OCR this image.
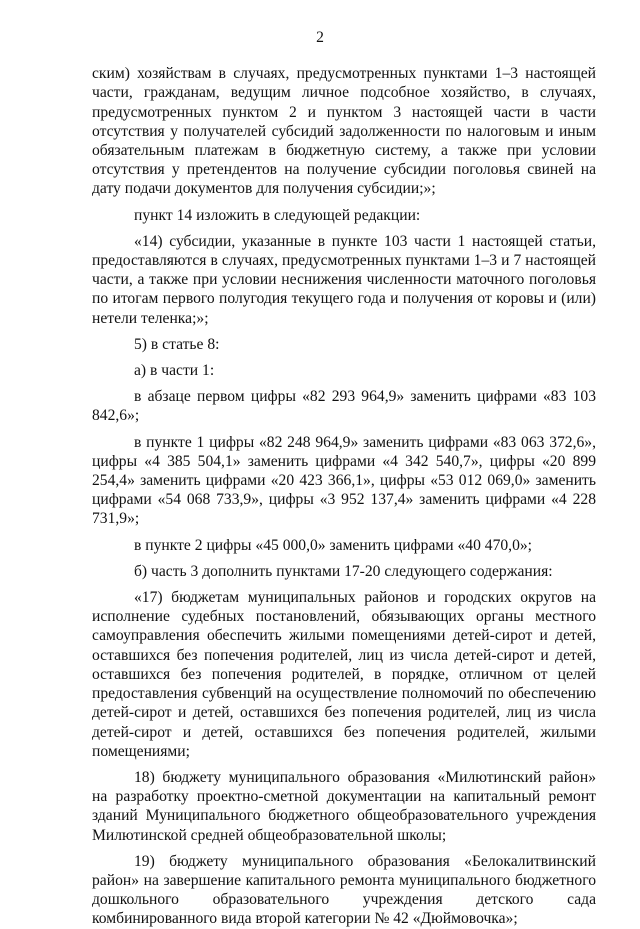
2

ским) хозяйствам в случаях, предусмотренных пунктами 1–3 настоящей части, гражданам, ведущим личное подсобное хозяйство, в случаях, предусмотренных пунктом 2 и пунктом 3 настоящей части в части отсутствия у получателей субсидий задолженности по налоговым и иным обязательным платежам в бюджетную систему, а также при условии отсутствия у претендентов на получение субсидии поголовья свиней на дату подачи документов для получения субсидии;»;

пункт 14 изложить в следующей редакции:

«14) субсидии, указанные в пункте 103 части 1 настоящей статьи, предоставляются в случаях, предусмотренных пунктами 1–3 и 7 настоящей части, а также при условии неснижения численности маточного поголовья по итогам первого полугодия текущего года и получения от коровы и (или) нетели теленка;»;

5) в статье 8:

а) в части 1:

в абзаце первом цифры «82 293 964,9» заменить цифрами «83 103 842,6»;

в пункте 1 цифры «82 248 964,9» заменить цифрами «83 063 372,6», цифры «4 385 504,1» заменить цифрами «4 342 540,7», цифры «20 899 254,4» заменить цифрами «20 423 366,1», цифры «53 012 069,0» заменить цифрами «54 068 733,9», цифры «3 952 137,4» заменить цифрами «4 228 731,9»;

в пункте 2 цифры «45 000,0» заменить цифрами «40 470,0»;

б) часть 3 дополнить пунктами 17-20 следующего содержания:

«17) бюджетам муниципальных районов и городских округов на исполнение судебных постановлений, обязывающих органы местного самоуправления обеспечить жилыми помещениями детей-сирот и детей, оставшихся без попечения родителей, лиц из числа детей-сирот и детей, оставшихся без попечения родителей, в порядке, отличном от целей предоставления субвенций на осуществление полномочий по обеспечению детей-сирот и детей, оставшихся без попечения родителей, лиц из числа детей-сирот и детей, оставшихся без попечения родителей, жилыми помещениями;

18) бюджету муниципального образования «Милютинский район» на разработку проектно-сметной документации на капитальный ремонт зданий Муниципального бюджетного общеобразовательного учреждения Милютинской средней общеобразовательной школы;

19) бюджету муниципального образования «Белокалитвинский район» на завершение капитального ремонта муниципального бюджетного дошкольного образовательного учреждения детского сада комбинированного вида второй категории № 42 «Дюймовочка»;
